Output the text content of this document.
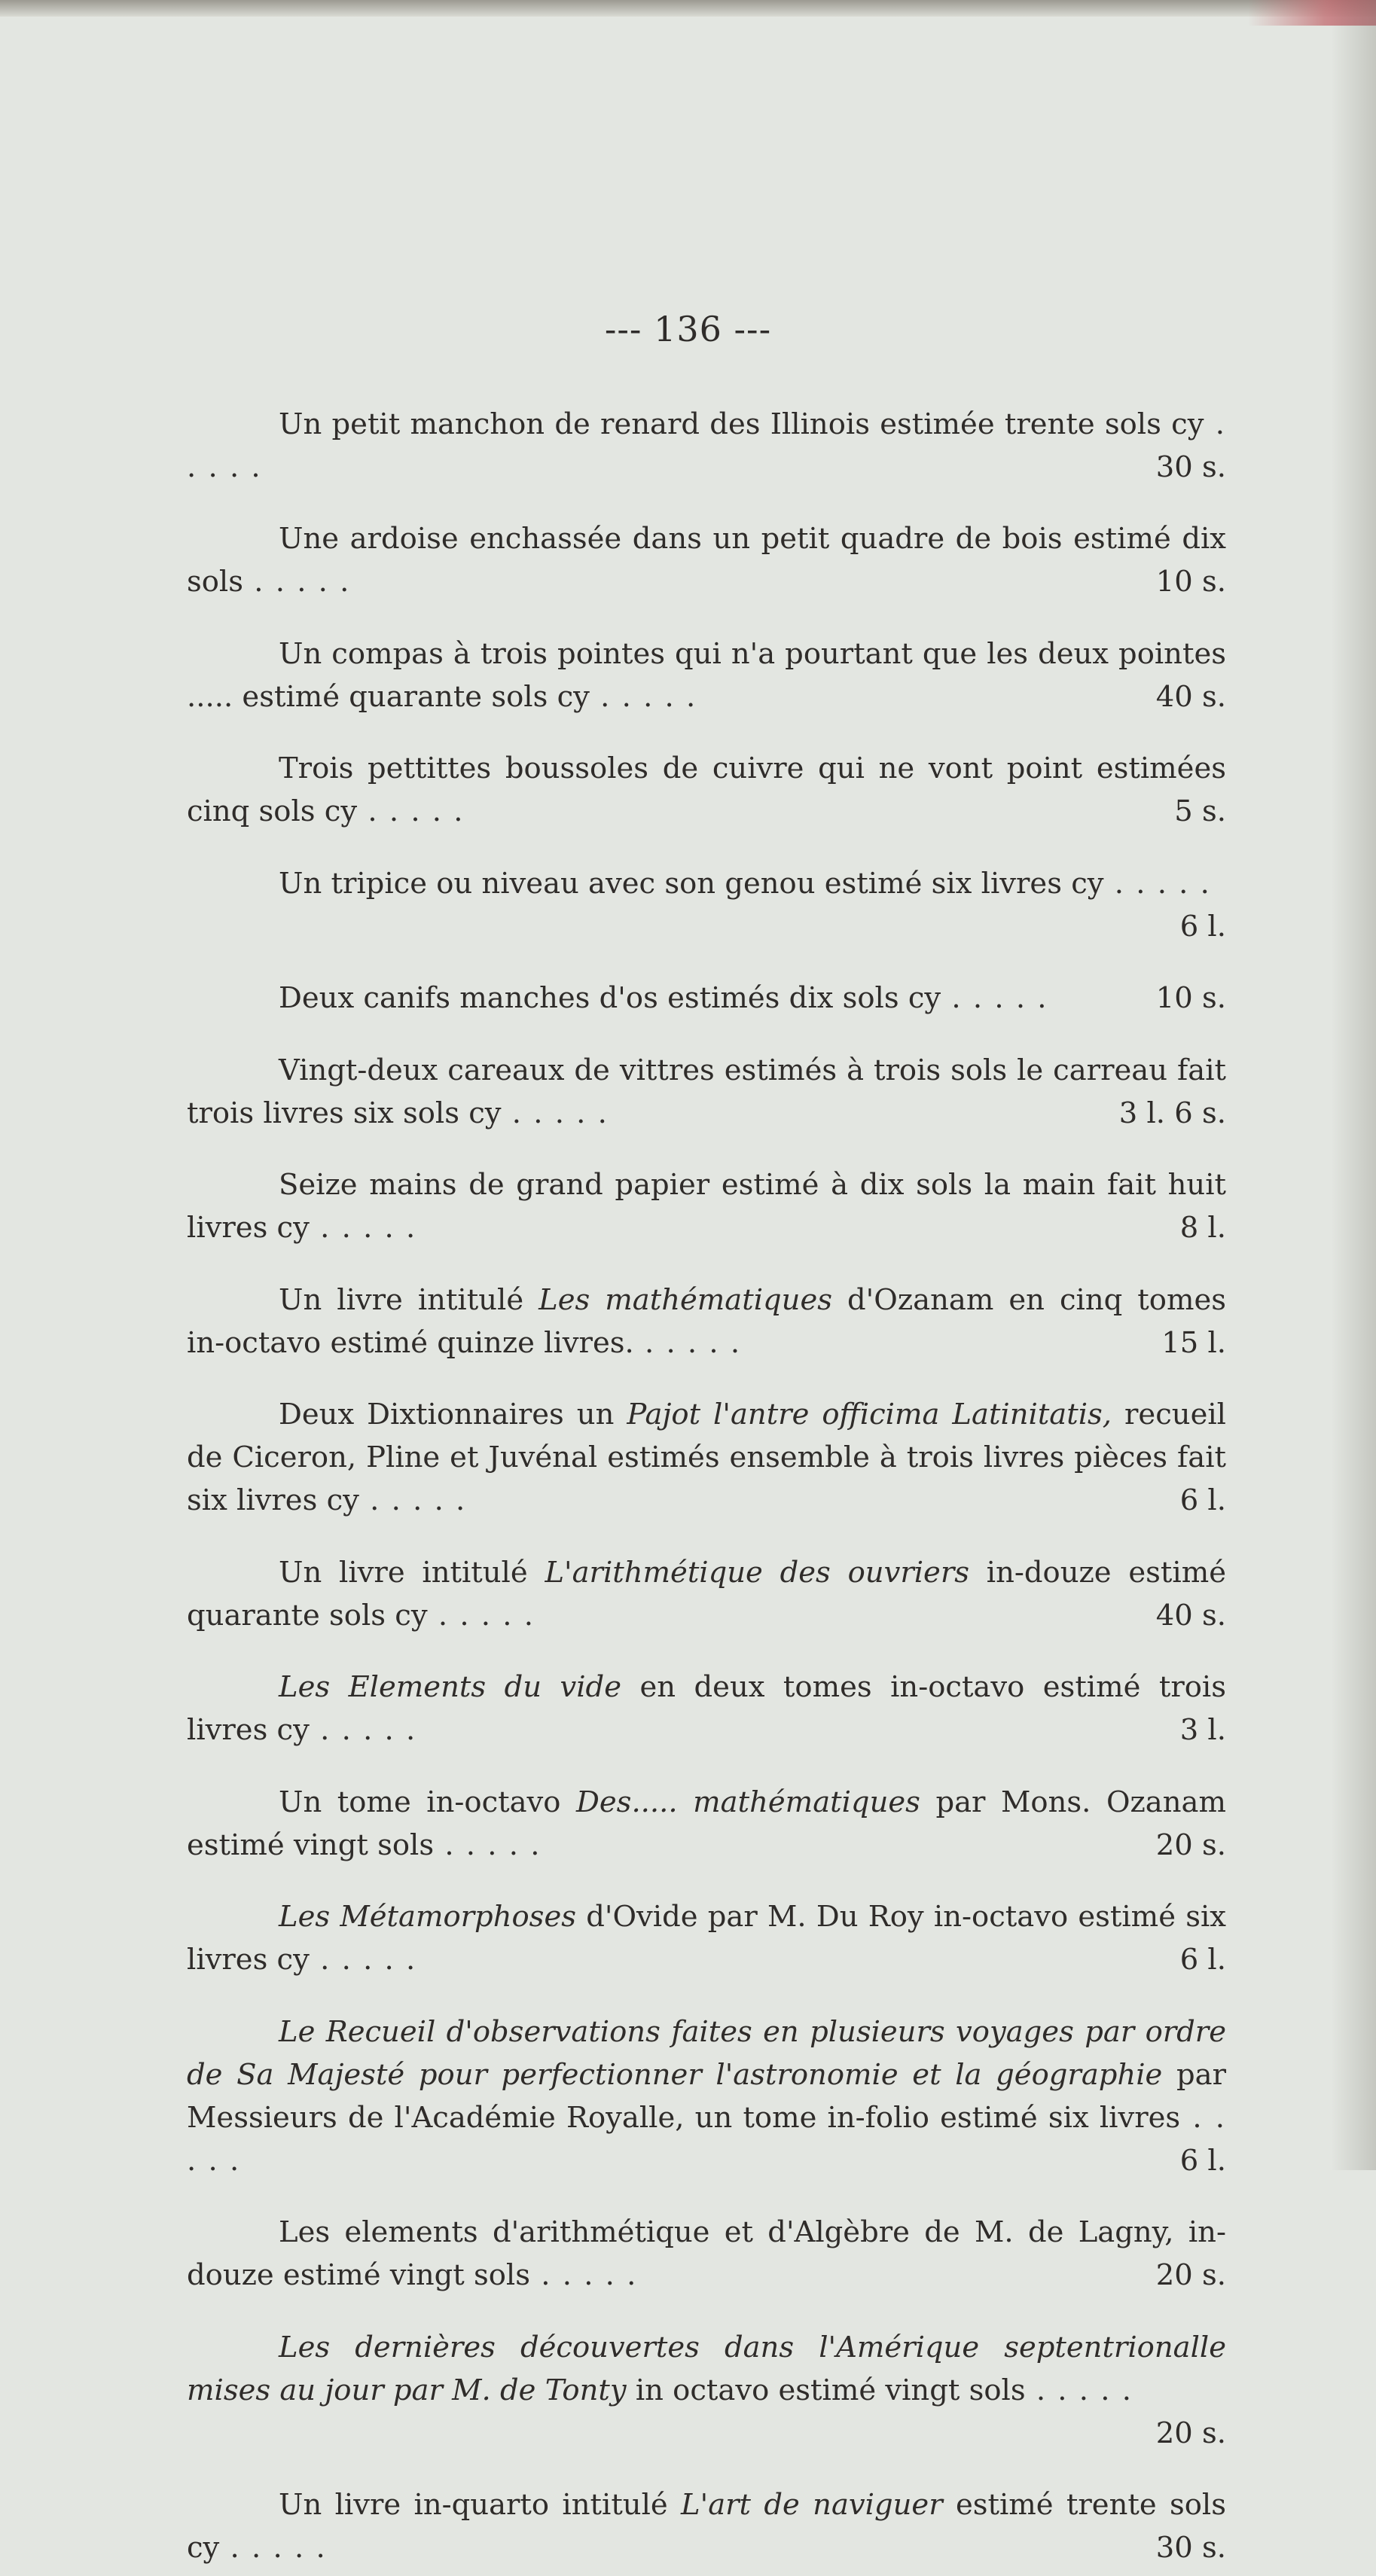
--- 136 ---

Un petit manchon de renard des Illinois estimée trente sols cy . . . . .	30 s.

Une ardoise enchassée dans un petit quadre de bois estimé dix sols . . . . .	10 s.

Un compas à trois pointes qui n'a pourtant que les deux pointes ..... estimé quarante sols cy . . . . .	40 s.

Trois pettittes boussoles de cuivre qui ne vont point estimées cinq sols cy . . . . .	5 s.

Un tripice ou niveau avec son genou estimé six livres cy . . . . .
6 l.

Deux canifs manches d'os estimés dix sols cy . . . . .	10 s.

Vingt-deux careaux de vittres estimés à trois sols le carreau fait trois livres six sols cy . . . . .	3 l. 6 s.

Seize mains de grand papier estimé à dix sols la main fait huit livres cy . . . . .	8 l.

Un livre intitulé Les mathématiques d'Ozanam en cinq tomes in-octavo estimé quinze livres. . . . . .	15 l.

Deux Dixtionnaires un Pajot l'antre officima Latinitatis, recueil de Ciceron, Pline et Juvénal estimés ensemble à trois livres pièces fait six livres cy . . . . .	6 l.

Un livre intitulé L'arithmétique des ouvriers in-douze estimé quarante sols cy . . . . .	40 s.

Les Elements du vide en deux tomes in-octavo estimé trois livres cy . . . . .	3 l.

Un tome in-octavo Des..... mathématiques par Mons. Ozanam estimé vingt sols . . . . .	20 s.

Les Métamorphoses d'Ovide par M. Du Roy in-octavo estimé six livres cy . . . . .	6 l.

Le Recueil d'observations faites en plusieurs voyages par ordre de Sa Majesté pour perfectionner l'astronomie et la géographie par Messieurs de l'Académie Royalle, un tome in-folio estimé six livres . . . . .	6 l.

Les elements d'arithmétique et d'Algèbre de M. de Lagny, in-douze estimé vingt sols . . . . .	20 s.

Les dernières découvertes dans l'Amérique septentrionalle mises au jour par M. de Tonty in octavo estimé vingt sols . . . . .
20 s.

Un livre in-quarto intitulé L'art de naviguer estimé trente sols cy . . . . .	30 s.
